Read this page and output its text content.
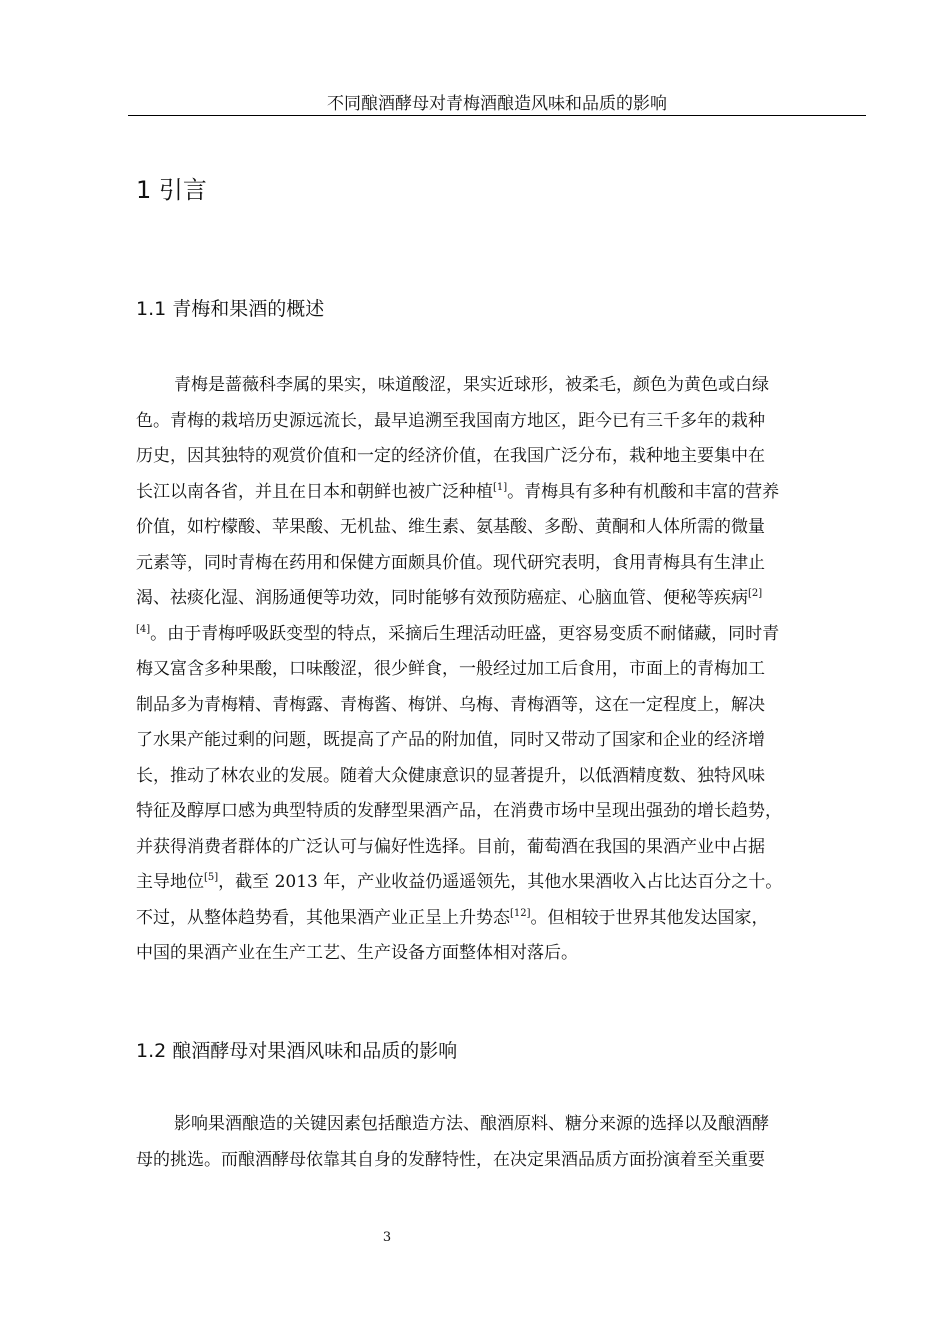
不同酿酒酵母对青梅酒酿造风味和品质的影响
1 引言
1.1 青梅和果酒的概述
青梅是蔷薇科李属的果实，味道酸涩，果实近球形，被柔毛，颜色为黄色或白绿
色。青梅的栽培历史源远流长，最早追溯至我国南方地区，距今已有三千多年的栽种
历史，因其独特的观赏价值和一定的经济价值，在我国广泛分布，栽种地主要集中在
长江以南各省，并且在日本和朝鲜也被广泛种植[1]。青梅具有多种有机酸和丰富的营养
价值，如柠檬酸、苹果酸、无机盐、维生素、氨基酸、多酚、黄酮和人体所需的微量
元素等，同时青梅在药用和保健方面颇具价值。现代研究表明，食用青梅具有生津止
渴、祛痰化湿、润肠通便等功效，同时能够有效预防癌症、心脑血管、便秘等疾病[2]
[4]。由于青梅呼吸跃变型的特点，采摘后生理活动旺盛，更容易变质不耐储藏，同时青
梅又富含多种果酸，口味酸涩，很少鲜食，一般经过加工后食用，市面上的青梅加工
制品多为青梅精、青梅露、青梅酱、梅饼、乌梅、青梅酒等，这在一定程度上，解决
了水果产能过剩的问题，既提高了产品的附加值，同时又带动了国家和企业的经济增
长，推动了林农业的发展。随着大众健康意识的显著提升，以低酒精度数、独特风味
特征及醇厚口感为典型特质的发酵型果酒产品，在消费市场中呈现出强劲的增长趋势，
并获得消费者群体的广泛认可与偏好性选择。目前，葡萄酒在我国的果酒产业中占据
主导地位[5]，截至 2013 年，产业收益仍遥遥领先，其他水果酒收入占比达百分之十。
不过，从整体趋势看，其他果酒产业正呈上升势态[12]。但相较于世界其他发达国家，
中国的果酒产业在生产工艺、生产设备方面整体相对落后。
1.2 酿酒酵母对果酒风味和品质的影响
影响果酒酿造的关键因素包括酿造方法、酿酒原料、糖分来源的选择以及酿酒酵
母的挑选。而酿酒酵母依靠其自身的发酵特性，在决定果酒品质方面扮演着至关重要
3
